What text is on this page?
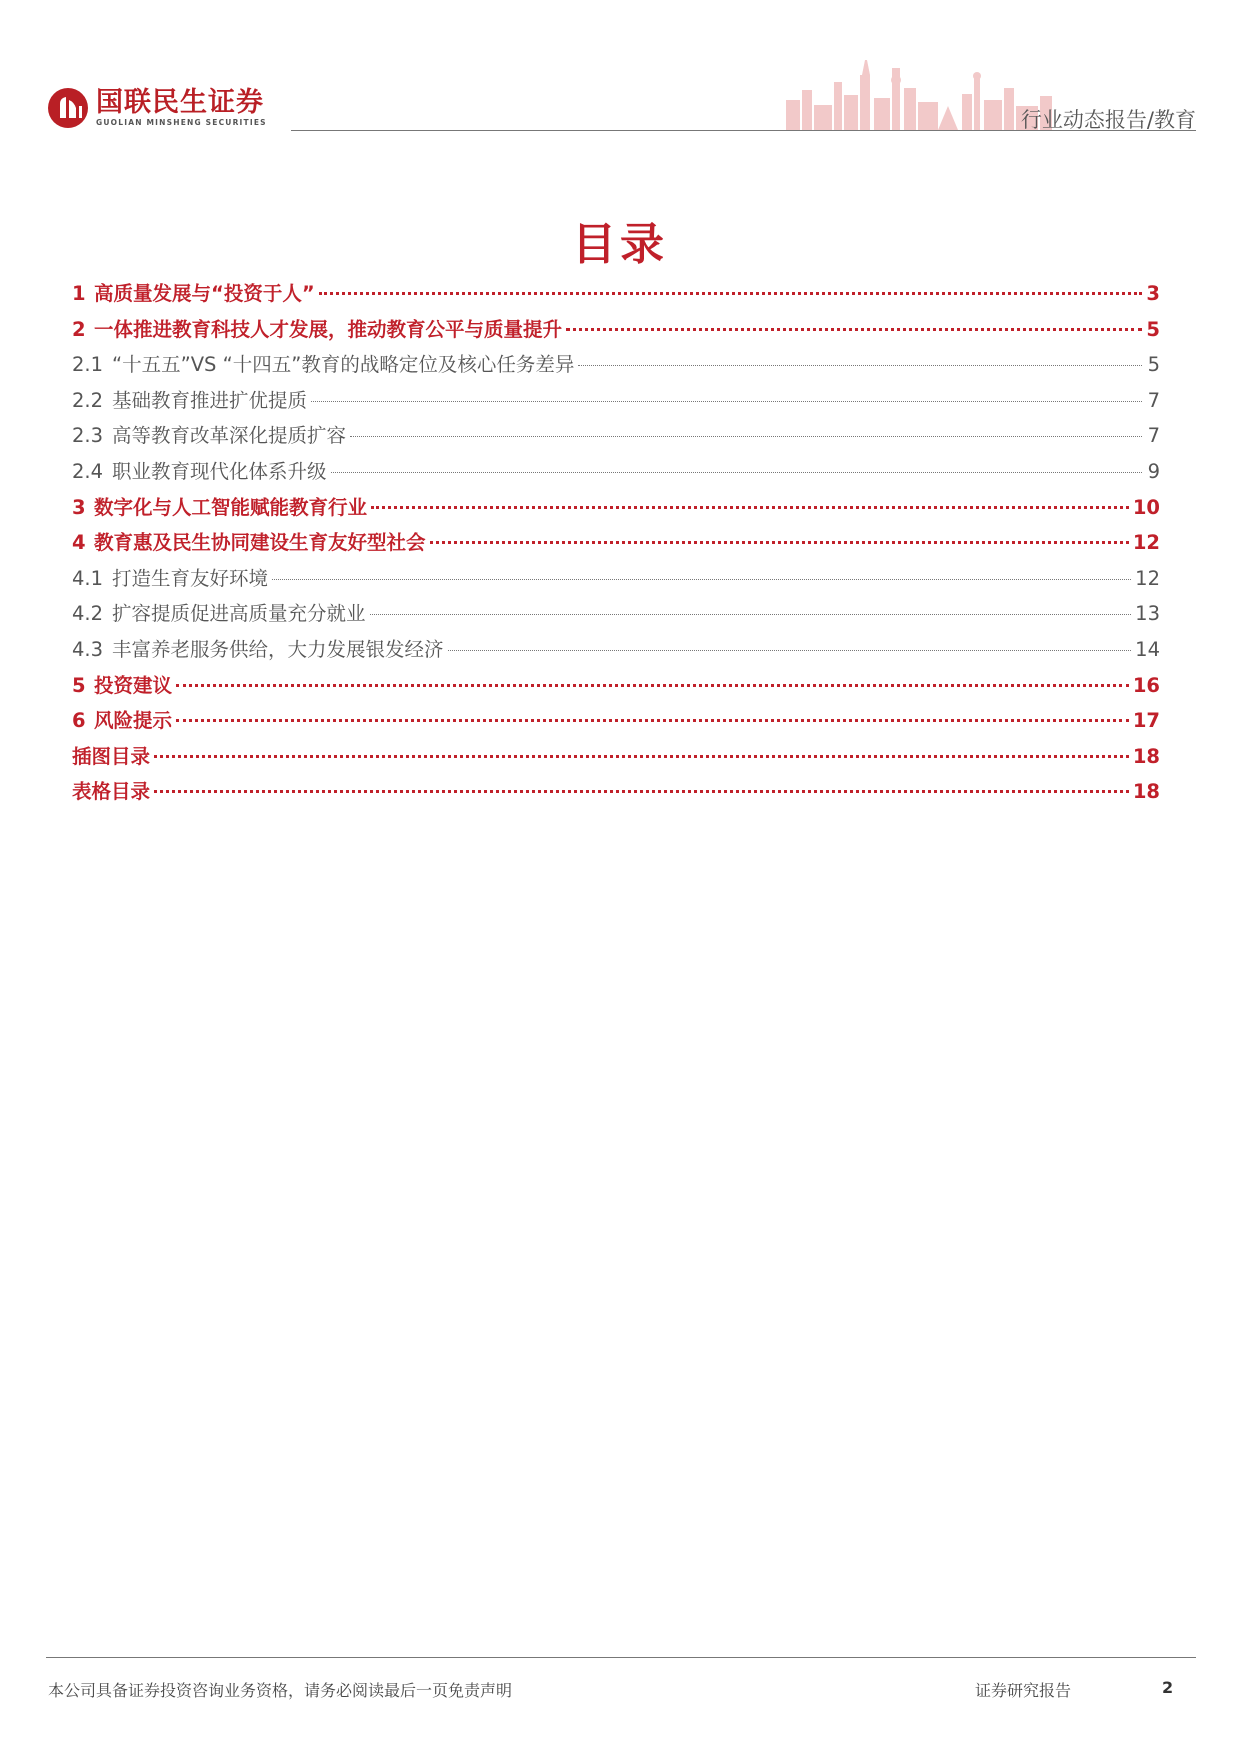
国联民生证券
GUOLIAN MINSHENG SECURITIES	行业动态报告/教育
目录
1 高质量发展与“投资于人”	3
2 一体推进教育科技人才发展，推动教育公平与质量提升	5
2.1 “十五五”VS “十四五”教育的战略定位及核心任务差异	5
2.2 基础教育推进扩优提质	7
2.3 高等教育改革深化提质扩容	7
2.4 职业教育现代化体系升级	9
3 数字化与人工智能赋能教育行业	10
4 教育惠及民生协同建设生育友好型社会	12
4.1 打造生育友好环境	12
4.2 扩容提质促进高质量充分就业	13
4.3 丰富养老服务供给，大力发展银发经济	14
5 投资建议	16
6 风险提示	17
插图目录	18
表格目录	18
本公司具备证券投资咨询业务资格，请务必阅读最后一页免责声明	证券研究报告	2
